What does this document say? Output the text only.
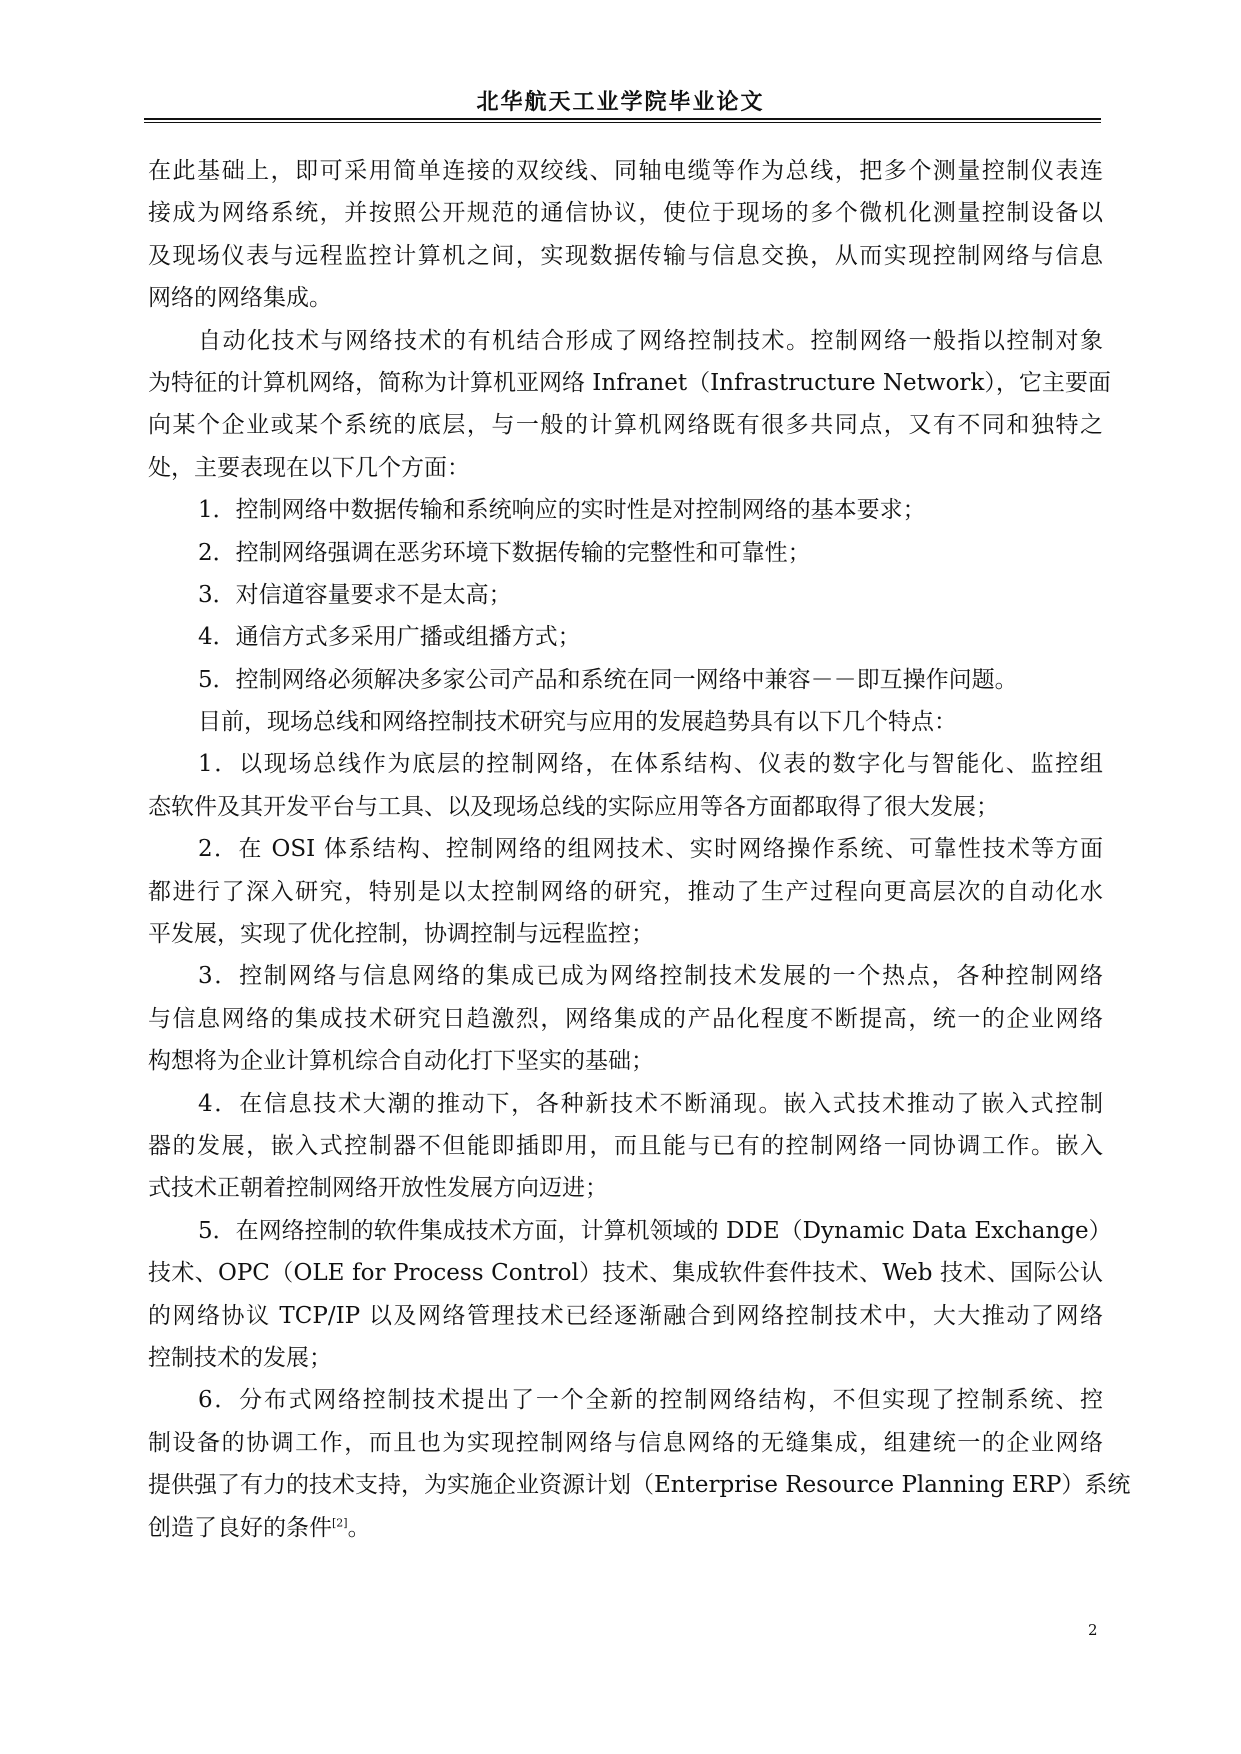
北华航天工业学院毕业论文
在此基础上，即可采用简单连接的双绞线、同轴电缆等作为总线，把多个测量控制仪表连
接成为网络系统，并按照公开规范的通信协议，使位于现场的多个微机化测量控制设备以
及现场仪表与远程监控计算机之间，实现数据传输与信息交换，从而实现控制网络与信息
网络的网络集成。
自动化技术与网络技术的有机结合形成了网络控制技术。控制网络一般指以控制对象
为特征的计算机网络，简称为计算机亚网络 Infranet（Infrastructure Network），它主要面
向某个企业或某个系统的底层，与一般的计算机网络既有很多共同点，又有不同和独特之
处，主要表现在以下几个方面：
1．控制网络中数据传输和系统响应的实时性是对控制网络的基本要求；
2．控制网络强调在恶劣环境下数据传输的完整性和可靠性；
3．对信道容量要求不是太高；
4．通信方式多采用广播或组播方式；
5．控制网络必须解决多家公司产品和系统在同一网络中兼容－－即互操作问题。
目前，现场总线和网络控制技术研究与应用的发展趋势具有以下几个特点：
1．以现场总线作为底层的控制网络，在体系结构、仪表的数字化与智能化、监控组
态软件及其开发平台与工具、以及现场总线的实际应用等各方面都取得了很大发展；
2．在 OSI 体系结构、控制网络的组网技术、实时网络操作系统、可靠性技术等方面
都进行了深入研究，特别是以太控制网络的研究，推动了生产过程向更高层次的自动化水
平发展，实现了优化控制，协调控制与远程监控；
3．控制网络与信息网络的集成已成为网络控制技术发展的一个热点，各种控制网络
与信息网络的集成技术研究日趋激烈，网络集成的产品化程度不断提高，统一的企业网络
构想将为企业计算机综合自动化打下坚实的基础；
4．在信息技术大潮的推动下，各种新技术不断涌现。嵌入式技术推动了嵌入式控制
器的发展，嵌入式控制器不但能即插即用，而且能与已有的控制网络一同协调工作。嵌入
式技术正朝着控制网络开放性发展方向迈进；
5．在网络控制的软件集成技术方面，计算机领域的 DDE（Dynamic Data Exchange）
技术、OPC（OLE for Process Control）技术、集成软件套件技术、Web 技术、国际公认
的网络协议 TCP/IP 以及网络管理技术已经逐渐融合到网络控制技术中，大大推动了网络
控制技术的发展；
6．分布式网络控制技术提出了一个全新的控制网络结构，不但实现了控制系统、控
制设备的协调工作，而且也为实现控制网络与信息网络的无缝集成，组建统一的企业网络
提供强了有力的技术支持，为实施企业资源计划（Enterprise Resource Planning ERP）系统
创造了良好的条件[2]。
2
